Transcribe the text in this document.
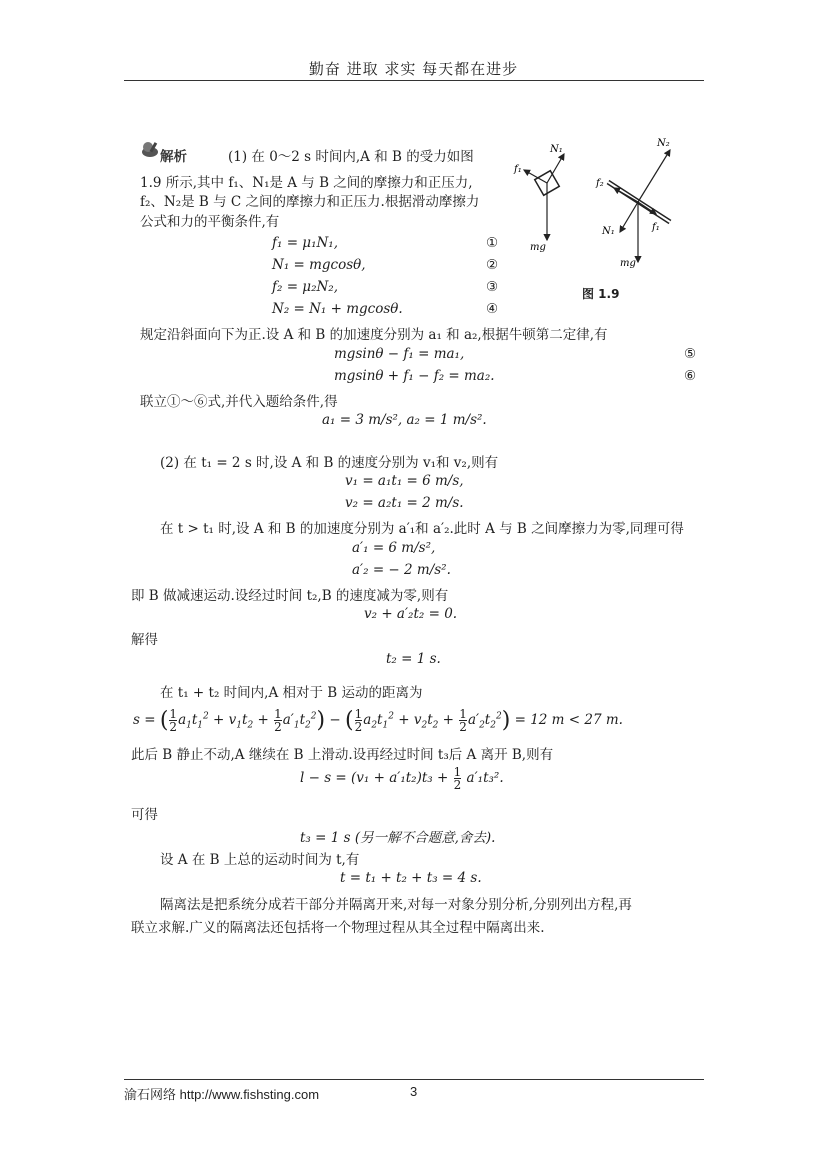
勤奋 进取 求实 每天都在进步
解析	(1) 在 0～2 s 时间内,A 和 B 的受力如图
1.9 所示,其中 f₁、N₁是 A 与 B 之间的摩擦力和正压力,
f₂、N₂是 B 与 C 之间的摩擦力和正压力.根据滑动摩擦力
公式和力的平衡条件,有
f₁ = μ₁N₁,	①
N₁ = mgcosθ,	②
f₂ = μ₂N₂,	③
N₂ = N₁ + mgcosθ.	④
N₁
f₁
mg
N₂
f₂
N₁	f₁
mg
图 1.9
规定沿斜面向下为正.设 A 和 B 的加速度分别为 a₁ 和 a₂,根据牛顿第二定律,有
mgsinθ − f₁ = ma₁,	⑤
mgsinθ + f₁ − f₂ = ma₂.	⑥
联立①～⑥式,并代入题给条件,得
a₁ = 3 m/s², a₂ = 1 m/s².
(2) 在 t₁ = 2 s 时,设 A 和 B 的速度分别为 v₁和 v₂,则有
v₁ = a₁t₁ = 6 m/s,
v₂ = a₂t₁ = 2 m/s.
在 t > t₁ 时,设 A 和 B 的加速度分别为 a′₁和 a′₂.此时 A 与 B 之间摩擦力为零,同理可得
a′₁ = 6 m/s²,
a′₂ = − 2 m/s².
即 B 做减速运动.设经过时间 t₂,B 的速度减为零,则有
v₂ + a′₂t₂ = 0.
解得
t₂ = 1 s.
在 t₁ + t₂ 时间内,A 相对于 B 运动的距离为
s = ( $\frac{1}{2} a_1t_1^2 + v_1t_2 + \frac{1}{2} a'_1t_2^2$) − ( $\frac{1}{2} a_2t_1^2 + v_2t_2 + \frac{1}{2} a'_2t_2^2) = 12$ m < 27 m.
此后 B 静止不动,A 继续在 B 上滑动.设再经过时间 t₃后 A 离开 B,则有
$l - s = (v_1 + a'_1t_2)t_3 + \frac{1}{2} a'_1t_3^2$.
可得
t₃ = 1 s (另一解不合题意,舍去).
设 A 在 B 上总的运动时间为 t,有
t = t₁ + t₂ + t₃ = 4 s.
隔离法是把系统分成若干部分并隔离开来,对每一对象分别分析,分别列出方程,再
联立求解.广义的隔离法还包括将一个物理过程从其全过程中隔离出来.
渝石网络 http://www.fishsting.com	3
